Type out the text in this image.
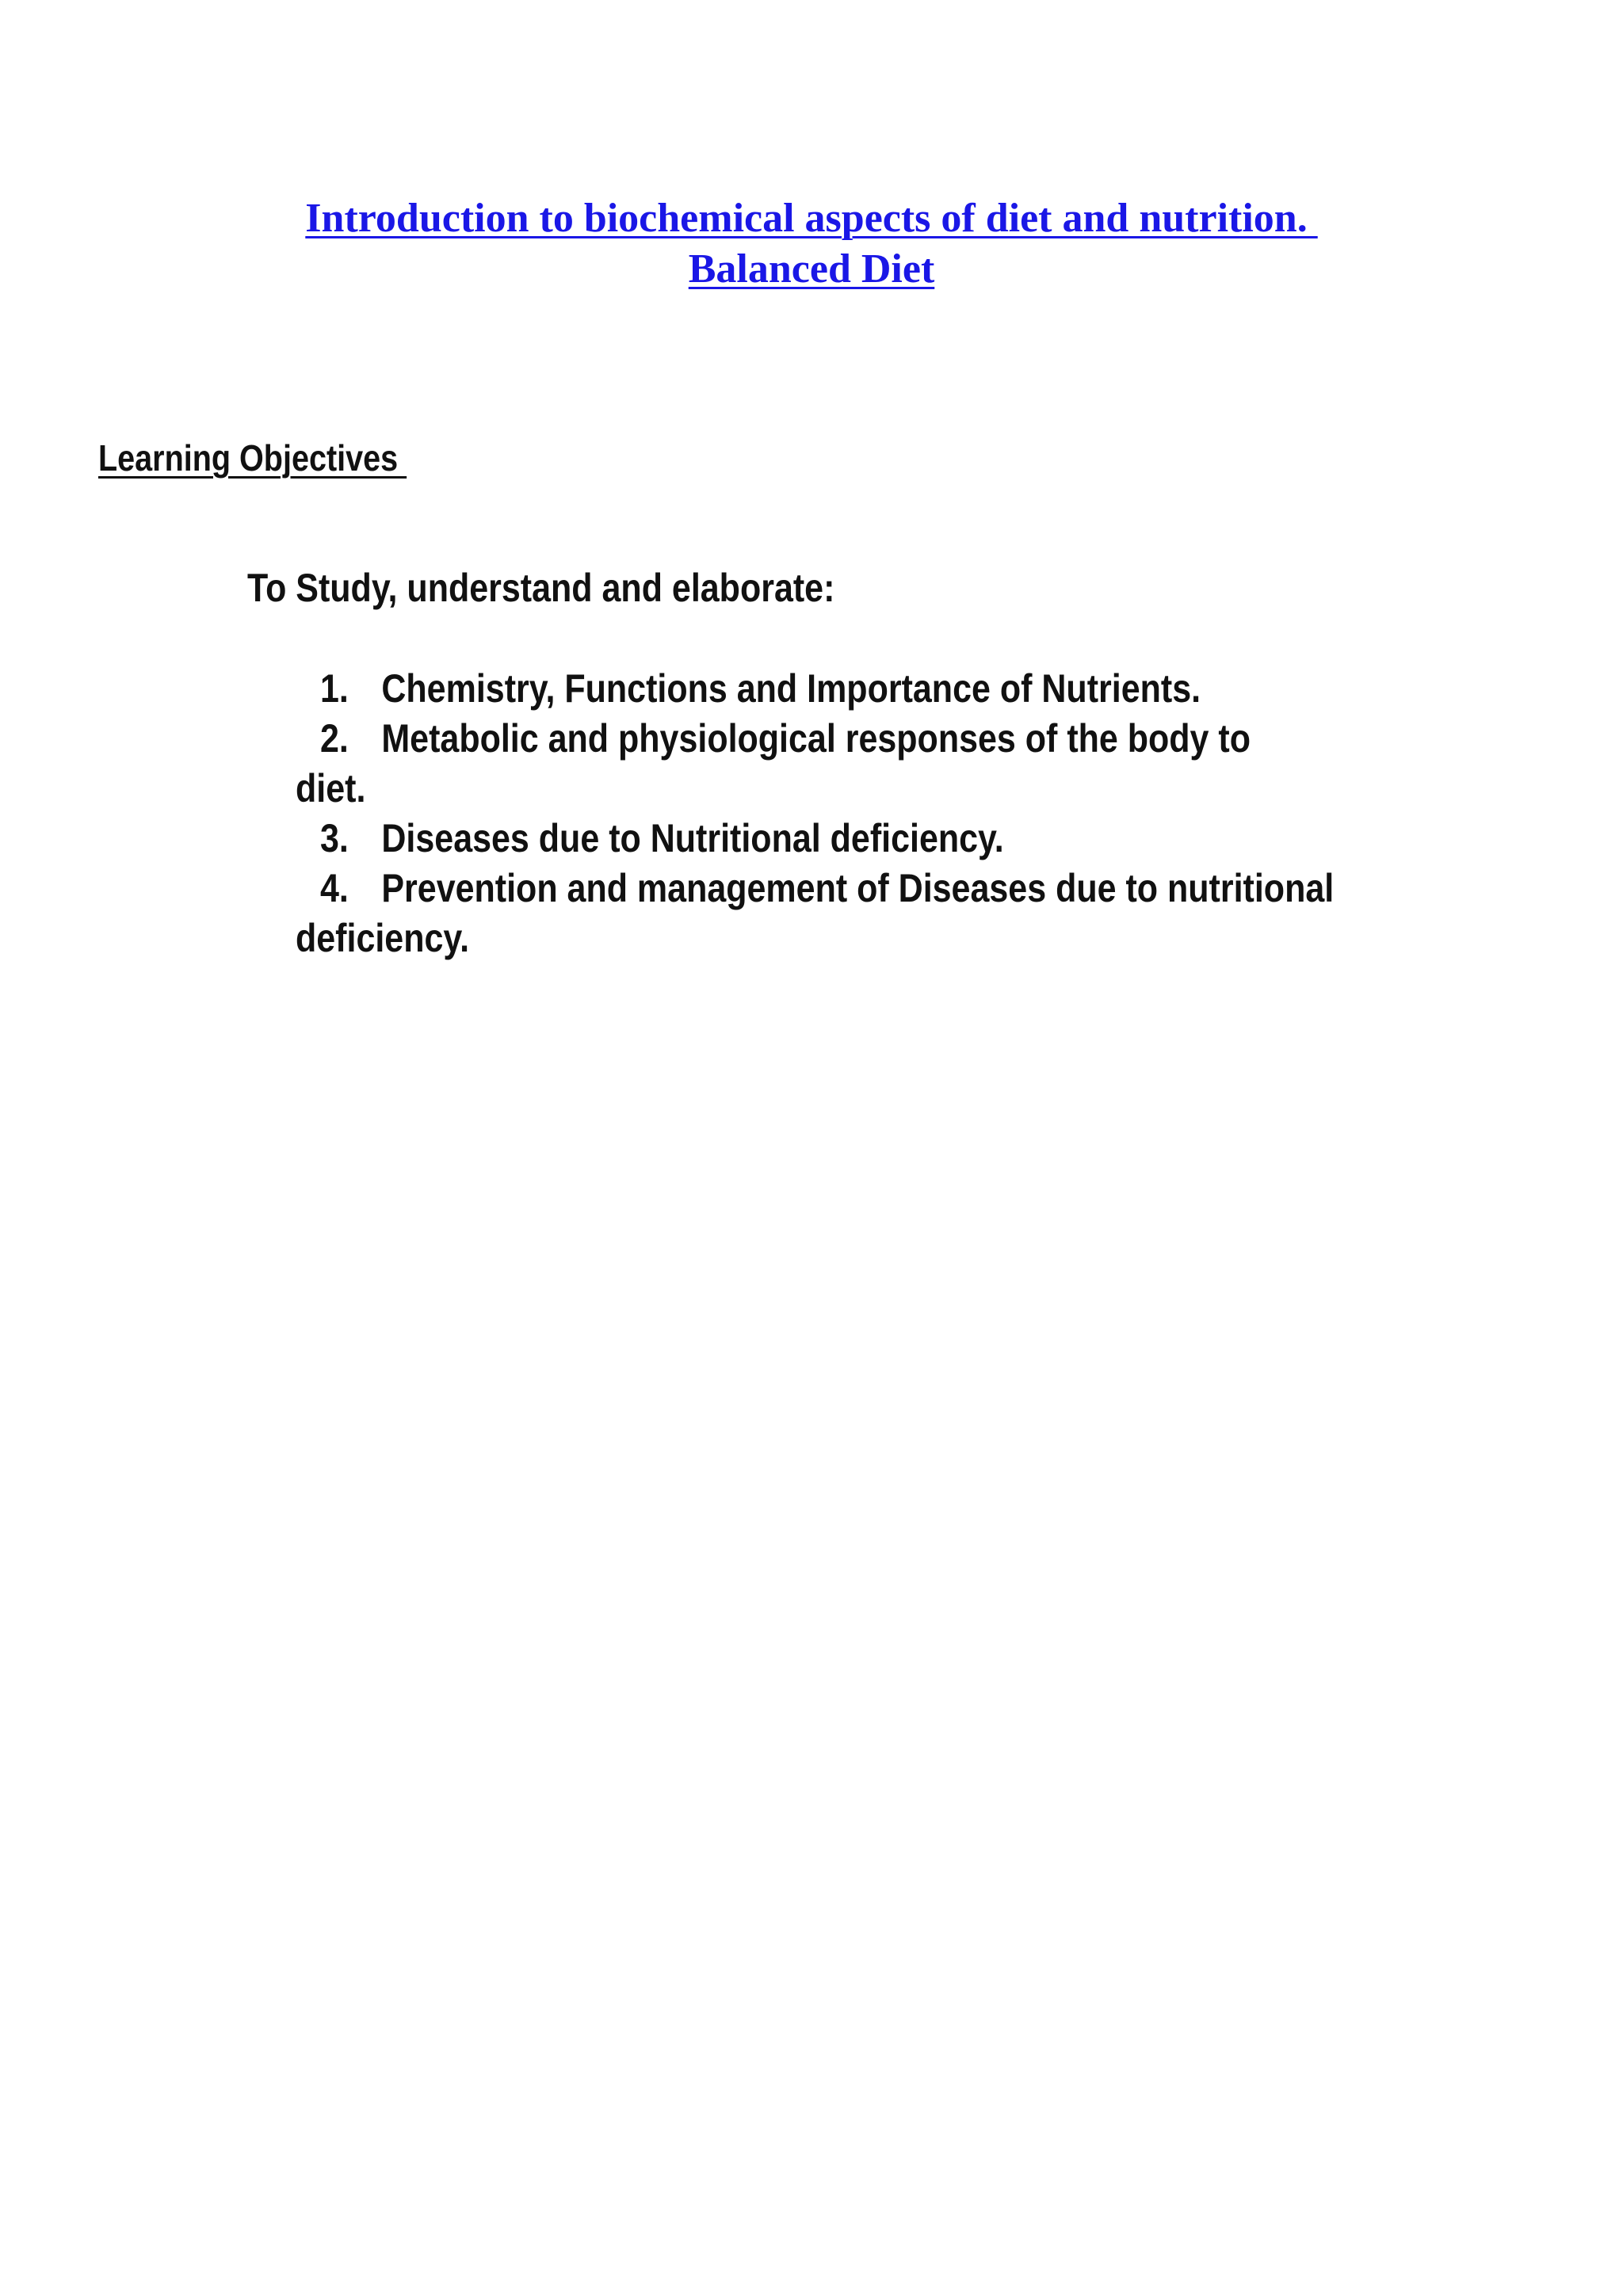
Introduction to biochemical aspects of diet and nutrition.
Balanced Diet
Learning Objectives
To Study, understand and elaborate:
1. Chemistry, Functions and Importance of Nutrients.
2. Metabolic and physiological responses of the body to
diet.
3. Diseases due to Nutritional deficiency.
4. Prevention and management of Diseases due to nutritional
deficiency.
